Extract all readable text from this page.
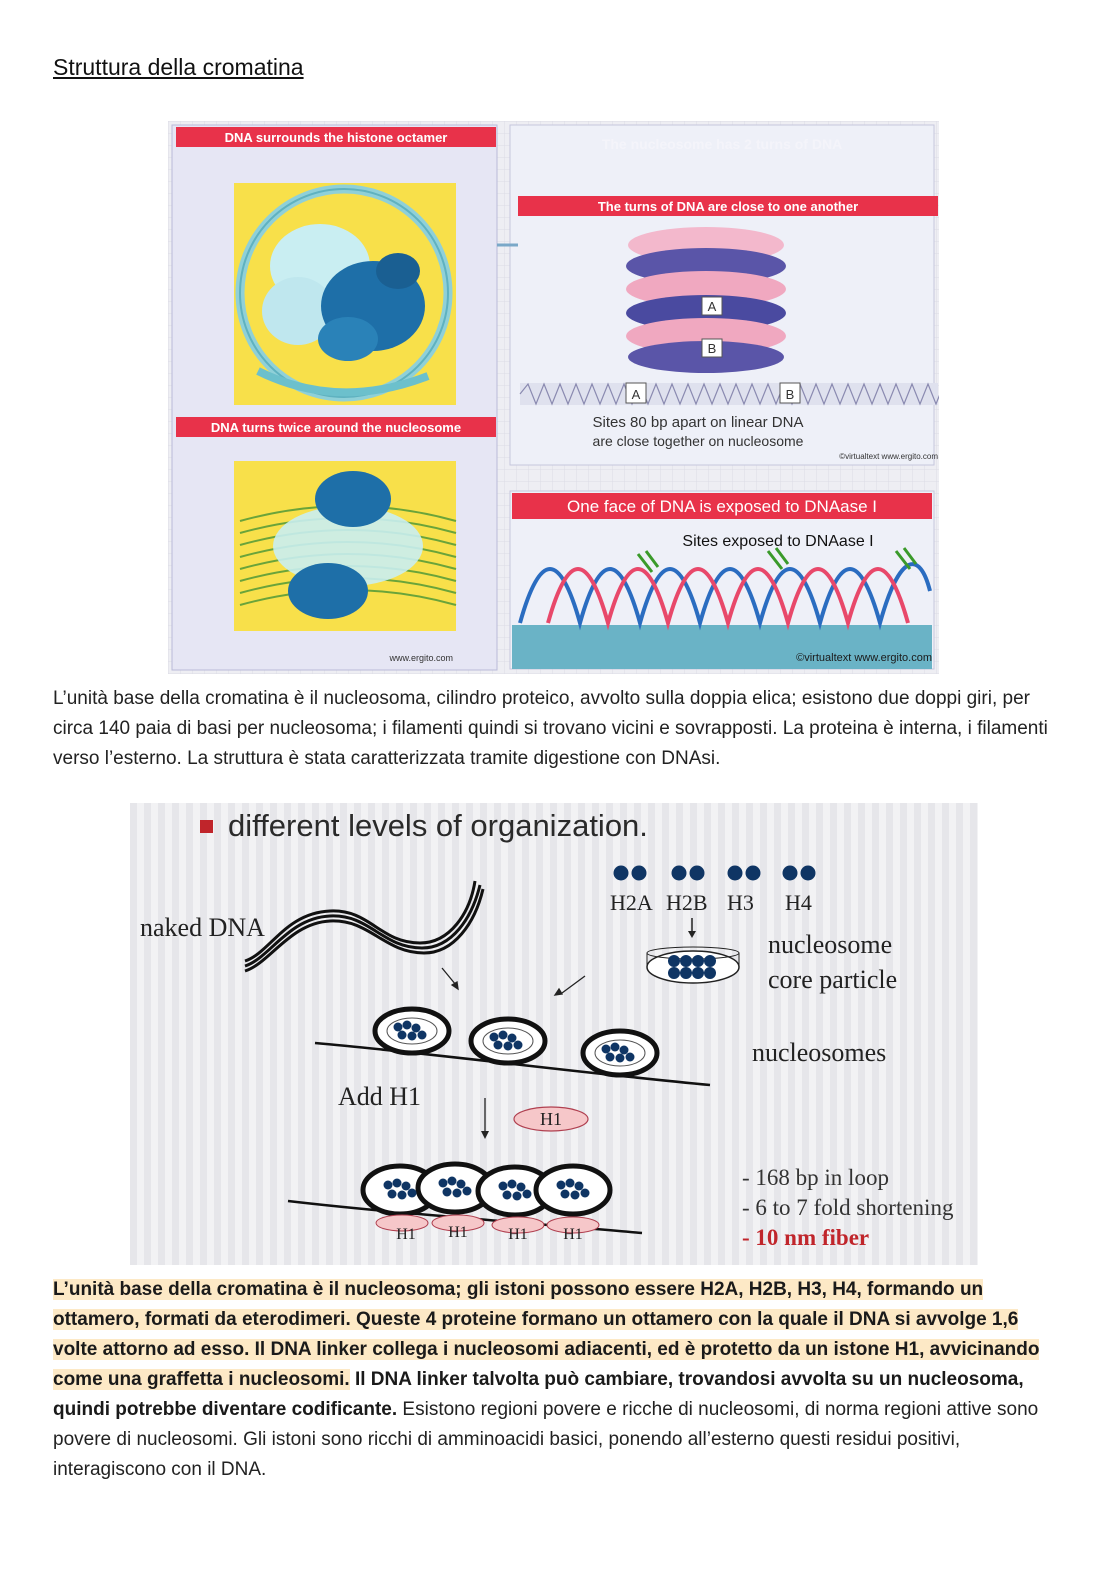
Struttura della cromatina
DNA surrounds the histone octamer
DNA turns twice around the nucleosome
www.ergito.com
The nucleosome has 2 turns of DNA
The turns of DNA are close to one another
A
B
A	B
Sites 80 bp apart on linear DNA
are close together on nucleosome
©virtualtext www.ergito.com
One face of DNA is exposed to DNAase I
Sites exposed to DNAase I
©virtualtext www.ergito.com

L’unità base della cromatina è il nucleosoma, cilindro proteico, avvolto sulla doppia elica; esistono due doppi giri, per circa 140 paia di basi per nucleosoma; i filamenti quindi si trovano vicini e sovrapposti. La proteina è interna, i filamenti verso l’esterno. La struttura è stata caratterizzata tramite digestione con DNAsi.

different levels of organization.
naked DNA
H2A H2B H3 H4
nucleosome
core particle
nucleosomes
Add H1
H1
H1 H1	H1 H1
- 168 bp in loop
- 6 to 7 fold shortening
- 10 nm fiber

L’unità base della cromatina è il nucleosoma; gli istoni possono essere H2A, H2B, H3, H4, formando un ottamero, formati da eterodimeri. Queste 4 proteine formano un ottamero con la quale il DNA si avvolge 1,6 volte attorno ad esso. Il DNA linker collega i nucleosomi adiacenti, ed è protetto da un istone H1, avvicinando come una graffetta i nucleosomi. Il DNA linker talvolta può cambiare, trovandosi avvolta su un nucleosoma, quindi potrebbe diventare codificante. Esistono regioni povere e ricche di nucleosomi, di norma regioni attive sono povere di nucleosomi. Gli istoni sono ricchi di amminoacidi basici, ponendo all’esterno questi residui positivi, interagiscono con il DNA.
